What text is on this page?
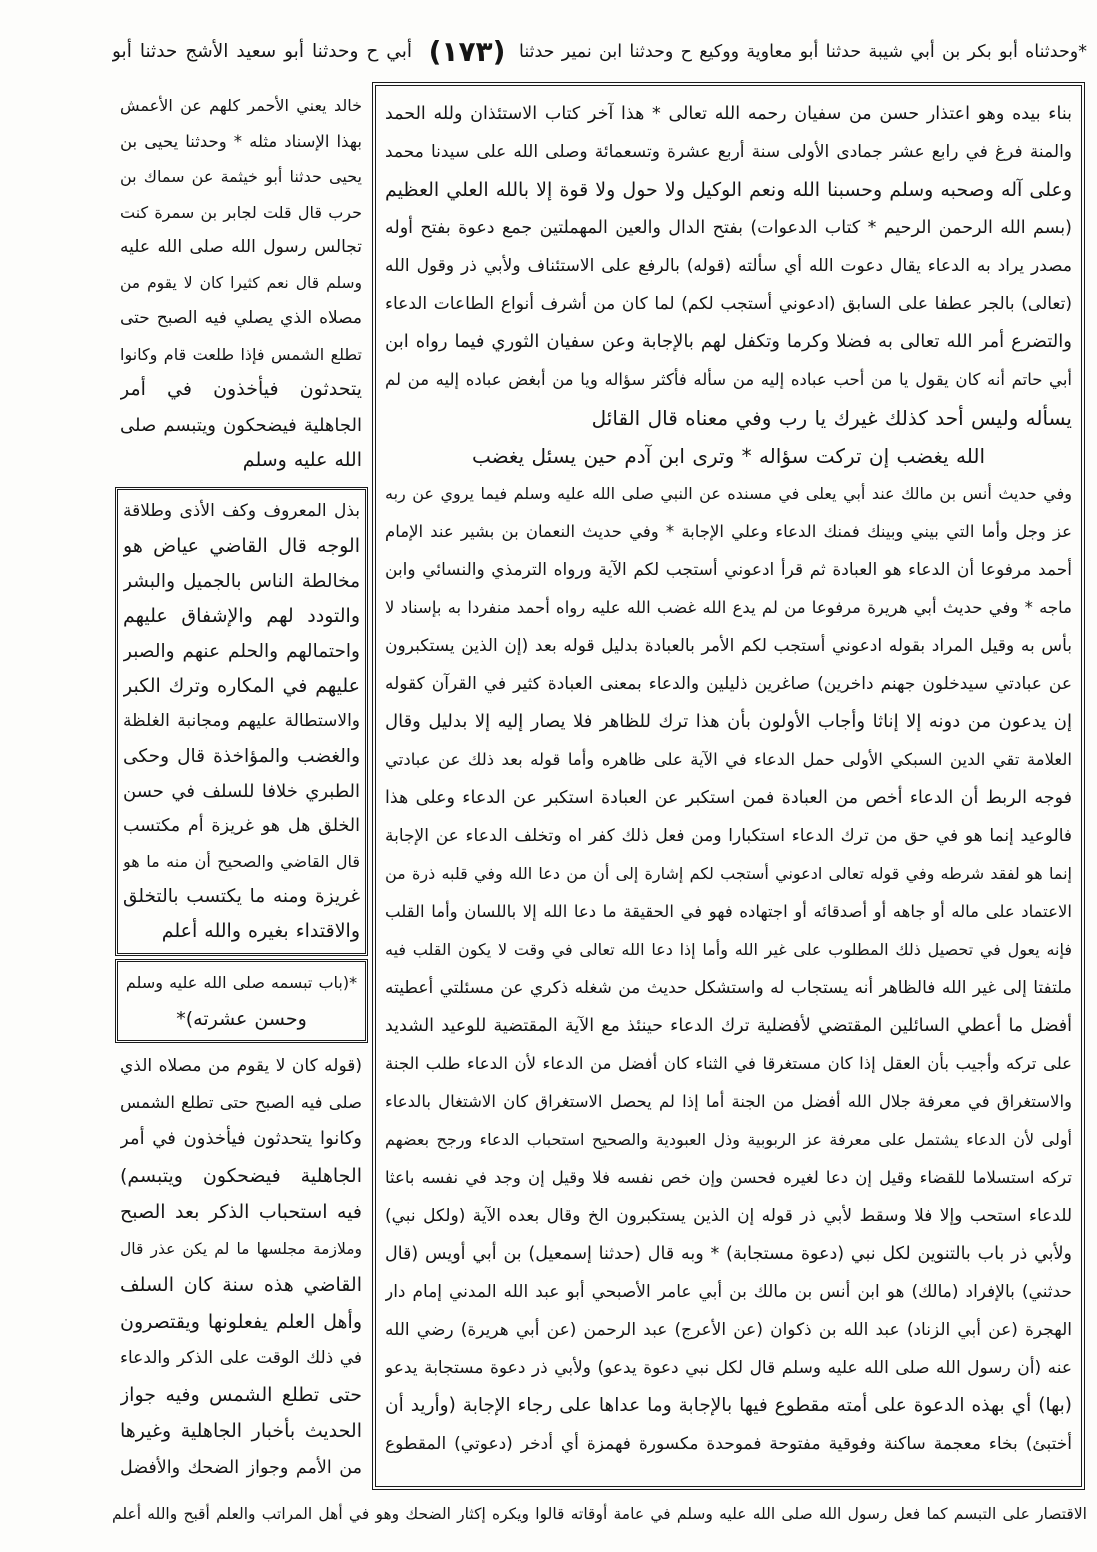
*وحدثناه أبو بكر بن أبي شيبة حدثنا أبو معاوية ووكيع ح وحدثنا ابن نمير حدثنا
(١٧٣)
أبي ح وحدثنا أبو سعيد الأشج حدثنا أبو
بناء بيده وهو اعتذار حسن من سفيان رحمه الله تعالى * هذا آخر كتاب الاستئذان ولله الحمد
والمنة فرغ في رابع عشر جمادى الأولى سنة أربع عشرة وتسعمائة وصلى الله على سيدنا محمد
وعلى آله وصحبه وسلم وحسبنا الله ونعم الوكيل ولا حول ولا قوة إلا بالله العلي العظيم
(بسم الله الرحمن الرحيم * كتاب الدعوات) بفتح الدال والعين المهملتين جمع دعوة بفتح أوله
مصدر يراد به الدعاء يقال دعوت الله أي سألته (قوله) بالرفع على الاستئناف ولأبي ذر وقول الله
(تعالى) بالجر عطفا على السابق (ادعوني أستجب لكم) لما كان من أشرف أنواع الطاعات الدعاء
والتضرع أمر الله تعالى به فضلا وكرما وتكفل لهم بالإجابة وعن سفيان الثوري فيما رواه ابن
أبي حاتم أنه كان يقول يا من أحب عباده إليه من سأله فأكثر سؤاله ويا من أبغض عباده إليه من لم
يسأله وليس أحد كذلك غيرك يا رب وفي معناه قال القائل
الله يغضب إن تركت سؤاله * وترى ابن آدم حين يسئل يغضب
وفي حديث أنس بن مالك عند أبي يعلى في مسنده عن النبي صلى الله عليه وسلم فيما يروي عن ربه
عز وجل وأما التي بيني وبينك فمنك الدعاء وعلي الإجابة * وفي حديث النعمان بن بشير عند الإمام
أحمد مرفوعا أن الدعاء هو العبادة ثم قرأ ادعوني أستجب لكم الآية ورواه الترمذي والنسائي وابن
ماجه * وفي حديث أبي هريرة مرفوعا من لم يدع الله غضب الله عليه رواه أحمد منفردا به بإسناد لا
بأس به وقيل المراد بقوله ادعوني أستجب لكم الأمر بالعبادة بدليل قوله بعد (إن الذين يستكبرون
عن عبادتي سيدخلون جهنم داخرين) صاغرين ذليلين والدعاء بمعنى العبادة كثير في القرآن كقوله
إن يدعون من دونه إلا إناثا وأجاب الأولون بأن هذا ترك للظاهر فلا يصار إليه إلا بدليل وقال
العلامة تقي الدين السبكي الأولى حمل الدعاء في الآية على ظاهره وأما قوله بعد ذلك عن عبادتي
فوجه الربط أن الدعاء أخص من العبادة فمن استكبر عن العبادة استكبر عن الدعاء وعلى هذا
فالوعيد إنما هو في حق من ترك الدعاء استكبارا ومن فعل ذلك كفر اه وتخلف الدعاء عن الإجابة
إنما هو لفقد شرطه وفي قوله تعالى ادعوني أستجب لكم إشارة إلى أن من دعا الله وفي قلبه ذرة من
الاعتماد على ماله أو جاهه أو أصدقائه أو اجتهاده فهو في الحقيقة ما دعا الله إلا باللسان وأما القلب
فإنه يعول في تحصيل ذلك المطلوب على غير الله وأما إذا دعا الله تعالى في وقت لا يكون القلب فيه
ملتفتا إلى غير الله فالظاهر أنه يستجاب له واستشكل حديث من شغله ذكري عن مسئلتي أعطيته
أفضل ما أعطي السائلين المقتضي لأفضلية ترك الدعاء حينئذ مع الآية المقتضية للوعيد الشديد
على تركه وأجيب بأن العقل إذا كان مستغرقا في الثناء كان أفضل من الدعاء لأن الدعاء طلب الجنة
والاستغراق في معرفة جلال الله أفضل من الجنة أما إذا لم يحصل الاستغراق كان الاشتغال بالدعاء
أولى لأن الدعاء يشتمل على معرفة عز الربوبية وذل العبودية والصحيح استحباب الدعاء ورجح بعضهم
تركه استسلاما للقضاء وقيل إن دعا لغيره فحسن وإن خص نفسه فلا وقيل إن وجد في نفسه باعثا
للدعاء استحب وإلا فلا وسقط لأبي ذر قوله إن الذين يستكبرون الخ وقال بعده الآية (ولكل نبي)
ولأبي ذر باب بالتنوين لكل نبي (دعوة مستجابة) * وبه قال (حدثنا إسمعيل) بن أبي أويس (قال
حدثني) بالإفراد (مالك) هو ابن أنس بن مالك بن أبي عامر الأصبحي أبو عبد الله المدني إمام دار
الهجرة (عن أبي الزناد) عبد الله بن ذكوان (عن الأعرج) عبد الرحمن (عن أبي هريرة) رضي الله
عنه (أن رسول الله صلى الله عليه وسلم قال لكل نبي دعوة يدعو) ولأبي ذر دعوة مستجابة يدعو
(بها) أي بهذه الدعوة على أمته مقطوع فيها بالإجابة وما عداها على رجاء الإجابة (وأريد أن
أختبئ) بخاء معجمة ساكنة وفوقية مفتوحة فموحدة مكسورة فهمزة أي أدخر (دعوتي) المقطوع
خالد يعني الأحمر كلهم عن الأعمش
بهذا الإسناد مثله * وحدثنا يحيى بن
يحيى حدثنا أبو خيثمة عن سماك بن
حرب قال قلت لجابر بن سمرة كنت
تجالس رسول الله صلى الله عليه
وسلم قال نعم كثيرا كان لا يقوم من
مصلاه الذي يصلي فيه الصبح حتى
تطلع الشمس فإذا طلعت قام وكانوا
يتحدثون فيأخذون في أمر
الجاهلية فيضحكون ويتبسم صلى
الله عليه وسلم
بذل المعروف وكف الأذى وطلاقة
الوجه قال القاضي عياض هو
مخالطة الناس بالجميل والبشر
والتودد لهم والإشفاق عليهم
واحتمالهم والحلم عنهم والصبر
عليهم في المكاره وترك الكبر
والاستطالة عليهم ومجانبة الغلظة
والغضب والمؤاخذة قال وحكى
الطبري خلافا للسلف في حسن
الخلق هل هو غريزة أم مكتسب
قال القاضي والصحيح أن منه ما هو
غريزة ومنه ما يكتسب بالتخلق
والاقتداء بغيره والله أعلم
*(باب تبسمه صلى الله عليه وسلم
وحسن عشرته)*
(قوله كان لا يقوم من مصلاه الذي
صلى فيه الصبح حتى تطلع الشمس
وكانوا يتحدثون فيأخذون في أمر
الجاهلية فيضحكون ويتبسم)
فيه استحباب الذكر بعد الصبح
وملازمة مجلسها ما لم يكن عذر قال
القاضي هذه سنة كان السلف
وأهل العلم يفعلونها ويقتصرون
في ذلك الوقت على الذكر والدعاء
حتى تطلع الشمس وفيه جواز
الحديث بأخبار الجاهلية وغيرها
من الأمم وجواز الضحك والأفضل
الاقتصار على التبسم كما فعل رسول الله صلى الله عليه وسلم في عامة أوقاته قالوا ويكره إكثار الضحك وهو في أهل المراتب والعلم أقبح والله أعلم
